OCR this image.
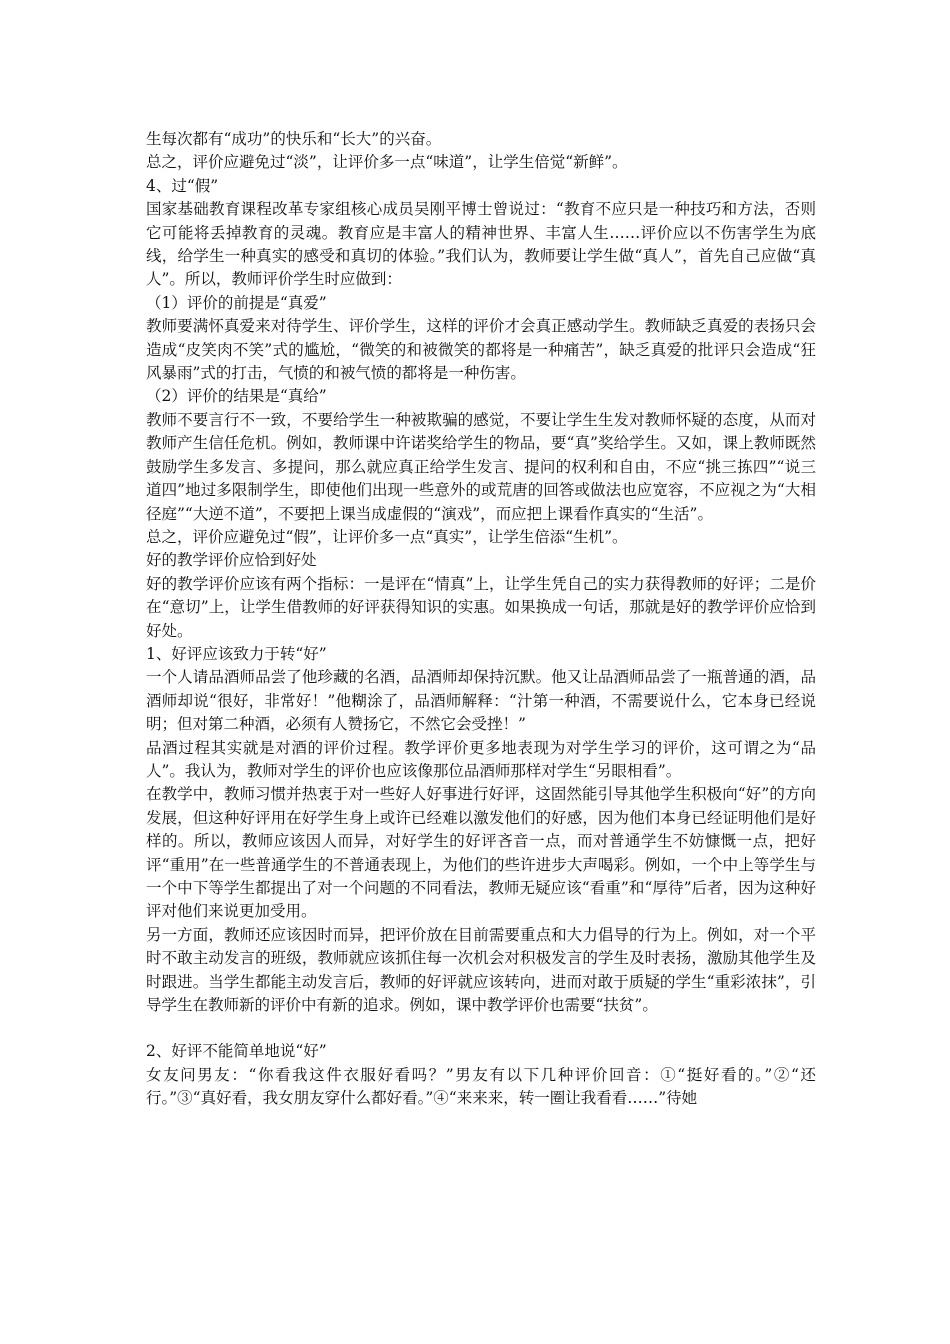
生每次都有“成功”的快乐和“长大”的兴奋。

总之，评价应避免过“淡”，让评价多一点“味道”，让学生倍觉“新鲜”。

4、过“假”

国家基础教育课程改革专家组核心成员吴刚平博士曾说过：“教育不应只是一种技巧和方法，否则它可能将丢掉教育的灵魂。教育应是丰富人的精神世界、丰富人生……评价应以不伤害学生为底线，给学生一种真实的感受和真切的体验。”我们认为，教师要让学生做“真人”，首先自己应做“真人”。所以，教师评价学生时应做到：

（1）评价的前提是“真爱”

教师要满怀真爱来对待学生、评价学生，这样的评价才会真正感动学生。教师缺乏真爱的表扬只会造成“皮笑肉不笑”式的尴尬，“微笑的和被微笑的都将是一种痛苦”，缺乏真爱的批评只会造成“狂风暴雨”式的打击，气愤的和被气愤的都将是一种伤害。

（2）评价的结果是“真给”

教师不要言行不一致，不要给学生一种被欺骗的感觉，不要让学生生发对教师怀疑的态度，从而对教师产生信任危机。例如，教师课中许诺奖给学生的物品，要“真”奖给学生。又如，课上教师既然鼓励学生多发言、多提问，那么就应真正给学生发言、提问的权利和自由，不应“挑三拣四”“说三道四”地过多限制学生，即使他们出现一些意外的或荒唐的回答或做法也应宽容，不应视之为“大相径庭”“大逆不道”，不要把上课当成虚假的“演戏”，而应把上课看作真实的“生活”。

总之，评价应避免过“假”，让评价多一点“真实”，让学生倍添“生机”。

好的教学评价应恰到好处

好的教学评价应该有两个指标：一是评在“情真”上，让学生凭自己的实力获得教师的好评；二是价在“意切”上，让学生借教师的好评获得知识的实惠。如果换成一句话，那就是好的教学评价应恰到好处。

1、好评应该致力于转“好”

一个人请品酒师品尝了他珍藏的名酒，品酒师却保持沉默。他又让品酒师品尝了一瓶普通的酒，品酒师却说“很好，非常好！”他糊涂了，品酒师解释：“汁第一种酒，不需要说什么，它本身已经说明；但对第二种酒，必须有人赞扬它，不然它会受挫！”

品酒过程其实就是对酒的评价过程。教学评价更多地表现为对学生学习的评价，这可谓之为“品人”。我认为，教师对学生的评价也应该像那位品酒师那样对学生“另眼相看”。

在教学中，教师习惯并热衷于对一些好人好事进行好评，这固然能引导其他学生积极向“好”的方向发展，但这种好评用在好学生身上或许已经难以激发他们的好感，因为他们本身已经证明他们是好样的。所以，教师应该因人而异，对好学生的好评吝音一点，而对普通学生不妨慷慨一点，把好评“重用”在一些普通学生的不普通表现上，为他们的些许进步大声喝彩。例如，一个中上等学生与一个中下等学生都提出了对一个问题的不同看法，教师无疑应该“看重”和“厚待”后者，因为这种好评对他们来说更加受用。

另一方面，教师还应该因时而异，把评价放在目前需要重点和大力倡导的行为上。例如，对一个平时不敢主动发言的班级，教师就应该抓住每一次机会对积极发言的学生及时表扬，激励其他学生及时跟进。当学生都能主动发言后，教师的好评就应该转向，进而对敢于质疑的学生“重彩浓抹”，引导学生在教师新的评价中有新的追求。例如，课中教学评价也需要“扶贫”。

2、好评不能简单地说“好”

女友问男友：“你看我这件衣服好看吗？”男友有以下几种评价回音：①“挺好看的。”②“还行。”③“真好看，我女朋友穿什么都好看。”④“来来来，转一圈让我看看……”待她
